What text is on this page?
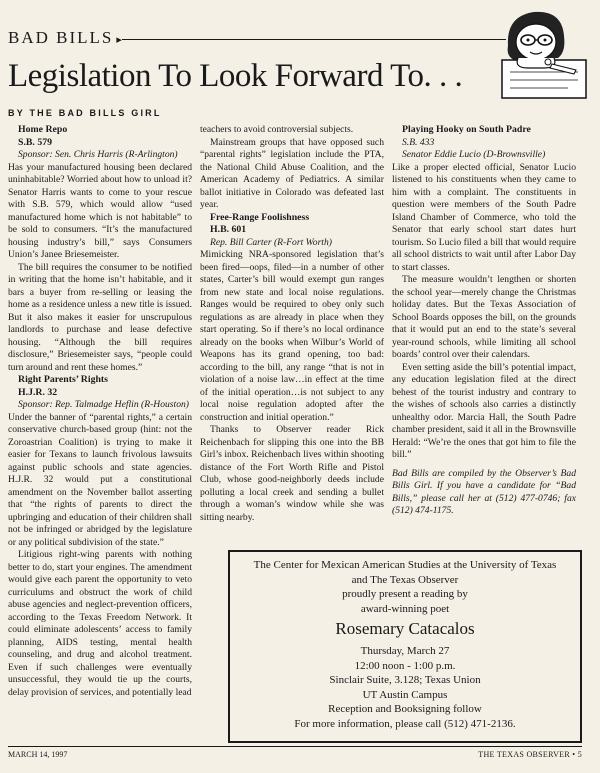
BAD BILLS ▸
Legislation To Look Forward To. . .
BY THE BAD BILLS GIRL

Home Repo

S.B. 579

Sponsor: Sen. Chris Harris (R-Arlington)

Has your manufactured housing been declared uninhabitable? Worried about how to unload it? Senator Harris wants to come to your rescue with S.B. 579, which would allow “used manufactured home which is not habitable” to be sold to consumers. “It’s the manufactured housing industry’s bill,” says Consumers Union’s Janee Briesemeister.

The bill requires the consumer to be notified in writing that the home isn’t habitable, and it bars a buyer from re-selling or leasing the home as a residence unless a new title is issued. But it also makes it easier for unscrupulous landlords to purchase and lease defective housing. “Although the bill requires disclosure,” Briesemeister says, “people could turn around and rent these homes.”

Right Parents’ Rights

H.J.R. 32

Sponsor: Rep. Talmadge Heflin (R-Houston)

Under the banner of “parental rights,” a certain conservative church-based group (hint: not the Zoroastrian Coalition) is trying to make it easier for Texans to launch frivolous lawsuits against public schools and state agencies. H.J.R. 32 would put a constitutional amendment on the November ballot asserting that “the rights of parents to direct the upbringing and education of their children shall not be infringed or abridged by the legislature or any political subdivision of the state.”

Litigious right-wing parents with nothing better to do, start your engines. The amendment would give each parent the opportunity to veto curriculums and obstruct the work of child abuse agencies and neglect-prevention officers, according to the Texas Freedom Network. It could eliminate adolescents’ access to family planning, AIDS testing, mental health counseling, and drug and alcohol treatment. Even if such challenges were eventually unsuccessful, they would tie up the courts, delay provision of services, and potentially lead

teachers to avoid controversial subjects.

Mainstream groups that have opposed such “parental rights” legislation include the PTA, the National Child Abuse Coalition, and the American Academy of Pediatrics. A similar ballot initiative in Colorado was defeated last year.

Free-Range Foolishness

H.B. 601

Rep. Bill Carter (R-Fort Worth)

Mimicking NRA-sponsored legislation that’s been fired—oops, filed—in a number of other states, Carter’s bill would exempt gun ranges from new state and local noise regulations. Ranges would be required to obey only such regulations as are already in place when they start operating. So if there’s no local ordinance already on the books when Wilbur’s World of Weapons has its grand opening, too bad: according to the bill, any range “that is not in violation of a noise law…in effect at the time of the initial operation…is not subject to any local noise regulation adopted after the construction and initial operation.”

Thanks to Observer reader Rick Reichenbach for slipping this one into the BB Girl’s inbox. Reichenbach lives within shooting distance of the Fort Worth Rifle and Pistol Club, whose good-neighborly deeds include polluting a local creek and sending a bullet through a woman’s window while she was sitting nearby.

Playing Hooky on South Padre

S.B. 433

Senator Eddie Lucio (D-Brownsville)

Like a proper elected official, Senator Lucio listened to his constituents when they came to him with a complaint. The constituents in question were members of the South Padre Island Chamber of Commerce, who told the Senator that early school start dates hurt tourism. So Lucio filed a bill that would require all school districts to wait until after Labor Day to start classes.

The measure wouldn’t lengthen or shorten the school year—merely change the Christmas holiday dates. But the Texas Association of School Boards opposes the bill, on the grounds that it would put an end to the state’s several year-round schools, while limiting all school boards’ control over their calendars.

Even setting aside the bill’s potential impact, any education legislation filed at the direct behest of the tourist industry and contrary to the wishes of schools also carries a distinctly unhealthy odor. Marcia Hall, the South Padre chamber president, said it all in the Brownsville Herald: “We’re the ones that got him to file the bill.”

Bad Bills are compiled by the Observer’s Bad Bills Girl. If you have a candidate for “Bad Bills,” please call her at (512) 477-0746; fax (512) 474-1175.

The Center for Mexican American Studies at the University of Texas
and The Texas Observer
proudly present a reading by
award-winning poet
Rosemary Catacalos
Thursday, March 27
12:00 noon - 1:00 p.m.
Sinclair Suite, 3.128; Texas Union
UT Austin Campus
Reception and Booksigning follow
For more information, please call (512) 471-2136.
MARCH 14, 1997	THE TEXAS OBSERVER • 5
